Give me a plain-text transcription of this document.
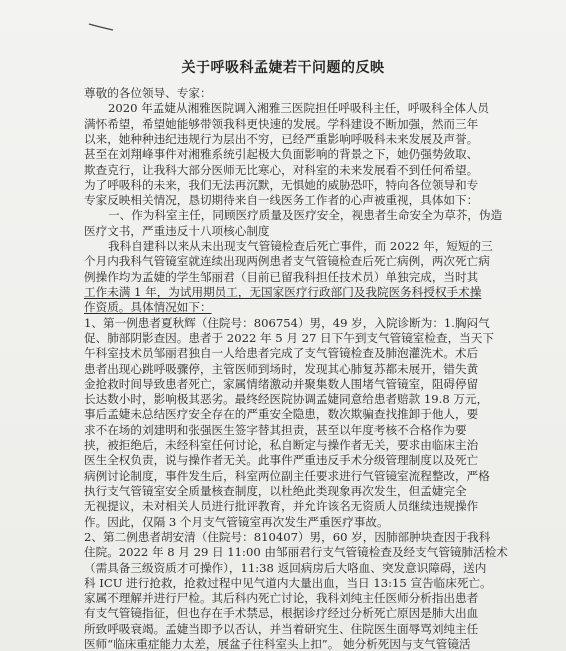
关于呼吸科孟婕若干问题的反映
尊敬的各位领导、专家：
2020 年孟婕从湘雅医院调入湘雅三医院担任呼吸科主任，呼吸科全体人员
满怀希望，希望她能够带领我科更快速的发展。学科建设不断加强，然而三年
以来，她种种违纪违规行为层出不穷，已经严重影响呼吸科未来发展及声誉。
甚至在刘翔峰事件对湘雅系统引起极大负面影响的背景之下，她仍强势敛取、
欺查克行，让我科大部分医师无比寒心，对科室的未来发展看不到任何希望。
为了呼吸科的未来，我们无法再沉默，无惧她的威胁恐吓，特向各位领导和专
专家反映相关情况，恳切期待来自一线医务工作者的心声被重视，具体如下：
一、作为科室主任，同顾医疗质量及医疗安全，视患者生命安全为草芥，伪造
医疗文书，严重违反十八项核心制度
我科自建科以来从未出现支气管镜检查后死亡事件，而 2022 年，短短的三
个月内我科气管镜室就连续出现两例患者支气管镜检查后死亡病例，两次死亡病
例操作均为孟婕的学生邹丽君（目前已留我科担任技术员）单独完成，当时其
工作未满 1 年，为试用期员工，无国家医疗行政部门及我院医务科授权手术操
作资质。具体情况如下：
1、第一例患者夏秋辉（住院号：806754）男，49 岁，入院诊断为：1.胸闷气
促、肺部阴影查因。患者于 2022 年 5 月 27 日下午到支气管镜室检查，当天下
午科室技术员邹丽君独自一人给患者完成了支气管镜检查及肺泡灌洗术。术后
患者出现心跳呼吸骤停，主管医师到场时，发现其心肺复苏都未展开，错失黄
金抢救时间导致患者死亡，家属情绪激动并聚集数人围堵气管镜室，阻碍停留
长达数小时，影响极其恶劣。最终经医院协调孟婕同意给患者赔款 19.8 万元，
事后孟婕未总结医疗安全存在的严重安全隐患，数次欺骗查找推卸于他人，要
求不在场的刘建明和张强医生签字替其担责，甚至以年度考核不合格作为要
挟，被拒绝后，未经科室任何讨论，私自断定与操作者无关，要求由临床主治
医生全权负责，说与操作者无关。此事件严重违反手术分级管理制度以及死亡
病例讨论制度，事件发生后，科室两位副主任要求进行气管镜室流程整改，严格
执行支气管镜室安全质量核查制度，以杜绝此类现象再次发生，但孟婕完全
无视提议，未对相关人员进行批评教育，并允许该名无资质人员继续违规操作
作。因此，仅隔 3 个月支气管镜室再次发生严重医疗事故。
2、第二例患者胡安清（住院号：810407）男，60 岁，因肺部肿块查因于我科
住院。2022 年 8 月 29 日 11:00 由邹丽君行支气管镜检查及经支气管镜肺活检术
（需具备三级资质才可操作），11:38 返回病房后大咯血、突发意识障碍，送内
科 ICU 进行抢救，抢救过程中见气道内大量出血，当日 13:15 宣告临床死亡。
家属不理解并进行尸检。其后科内死亡讨论，我科刘纯主任医师分析指出患者
有支气管镜指征，但也存在手术禁忌，根据诊疗经过分析死亡原因是肺大出血
所致呼吸衰竭。孟婕当即予以否认，并当着研究生、住院医生面辱骂刘纯主任
医师“临床重症能力太差，展盆子往科室头上扣”。 她分析死因与支气管镜活
